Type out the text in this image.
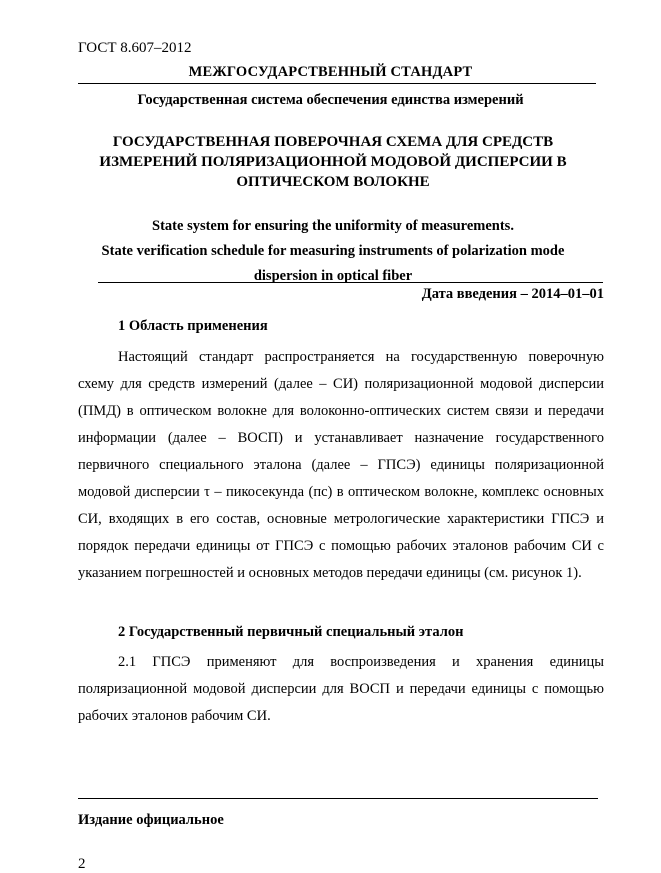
ГОСТ 8.607–2012
МЕЖГОСУДАРСТВЕННЫЙ СТАНДАРТ
Государственная система обеспечения единства измерений
ГОСУДАРСТВЕННАЯ ПОВЕРОЧНАЯ СХЕМА ДЛЯ СРЕДСТВ ИЗМЕРЕНИЙ ПОЛЯРИЗАЦИОННОЙ МОДОВОЙ ДИСПЕРСИИ В ОПТИЧЕСКОМ ВОЛОКНЕ
State system for ensuring the uniformity of measurements.
State verification schedule for measuring instruments of polarization mode dispersion in optical fiber
Дата введения – 2014–01–01
1 Область применения
Настоящий стандарт распространяется на государственную поверочную схему для средств измерений (далее – СИ) поляризационной модовой дисперсии (ПМД) в оптическом волокне для волоконно-оптических систем связи и передачи информации (далее – ВОСП) и устанавливает назначение государственного первичного специального эталона (далее – ГПСЭ) единицы поляризационной модовой дисперсии τ – пикосекунда (пс) в оптическом волокне, комплекс основных СИ, входящих в его состав, основные метрологические характеристики ГПСЭ и порядок передачи единицы от ГПСЭ с помощью рабочих эталонов рабочим СИ с указанием погрешностей и основных методов передачи единицы (см. рисунок 1).
2 Государственный первичный специальный эталон
2.1 ГПСЭ применяют для воспроизведения и хранения единицы поляризационной модовой дисперсии для ВОСП и передачи единицы с помощью рабочих эталонов рабочим СИ.
Издание официальное
2
